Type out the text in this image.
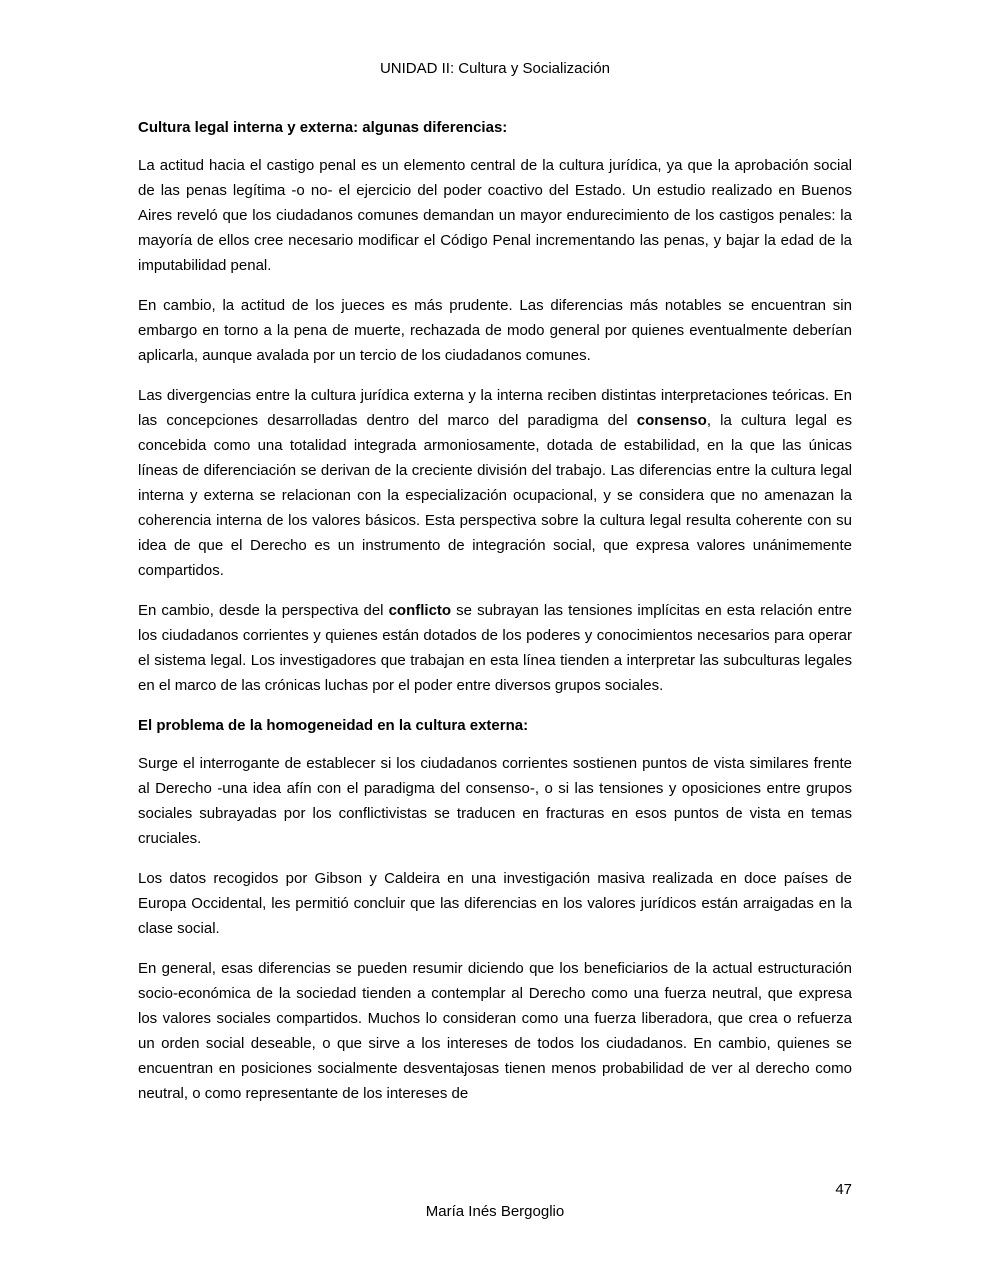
UNIDAD II: Cultura y Socialización
Cultura legal interna y externa: algunas diferencias:

La actitud hacia el castigo penal es un elemento central de la cultura jurídica, ya que la aprobación social de las penas legítima -o no- el ejercicio del poder coactivo del Estado. Un estudio realizado en Buenos Aires reveló que los ciudadanos comunes demandan un mayor endurecimiento de los castigos penales: la mayoría de ellos cree necesario modificar el Código Penal incrementando las penas, y bajar la edad de la imputabilidad penal.

En cambio, la actitud de los jueces es más prudente. Las diferencias más notables se encuentran sin embargo en torno a la pena de muerte, rechazada de modo general por quienes eventualmente deberían aplicarla, aunque avalada por un tercio de los ciudadanos comunes.

Las divergencias entre la cultura jurídica externa y la interna reciben distintas interpretaciones teóricas. En las concepciones desarrolladas dentro del marco del paradigma del consenso, la cultura legal es concebida como una totalidad integrada armoniosamente, dotada de estabilidad, en la que las únicas líneas de diferenciación se derivan de la creciente división del trabajo. Las diferencias entre la cultura legal interna y externa se relacionan con la especialización ocupacional, y se considera que no amenazan la coherencia interna de los valores básicos. Esta perspectiva sobre la cultura legal resulta coherente con su idea de que el Derecho es un instrumento de integración social, que expresa valores unánimemente compartidos.

En cambio, desde la perspectiva del conflicto se subrayan las tensiones implícitas en esta relación entre los ciudadanos corrientes y quienes están dotados de los poderes y conocimientos necesarios para operar el sistema legal. Los investigadores que trabajan en esta línea tienden a interpretar las subculturas legales en el marco de las crónicas luchas por el poder entre diversos grupos sociales.

El problema de la homogeneidad en la cultura externa:

Surge el interrogante de establecer si los ciudadanos corrientes sostienen puntos de vista similares frente al Derecho -una idea afín con el paradigma del consenso-, o si las tensiones y oposiciones entre grupos sociales subrayadas por los conflictivistas se traducen en fracturas en esos puntos de vista en temas cruciales.

Los datos recogidos por Gibson y Caldeira en una investigación masiva realizada en doce países de Europa Occidental, les permitió concluir que las diferencias en los valores jurídicos están arraigadas en la clase social.

En general, esas diferencias se pueden resumir diciendo que los beneficiarios de la actual estructuración socio-económica de la sociedad tienden a contemplar al Derecho como una fuerza neutral, que expresa los valores sociales compartidos. Muchos lo consideran como una fuerza liberadora, que crea o refuerza un orden social deseable, o que sirve a los intereses de todos los ciudadanos. En cambio, quienes se encuentran en posiciones socialmente desventajosas tienen menos probabilidad de ver al derecho como neutral, o como representante de los intereses de

47
María Inés Bergoglio
